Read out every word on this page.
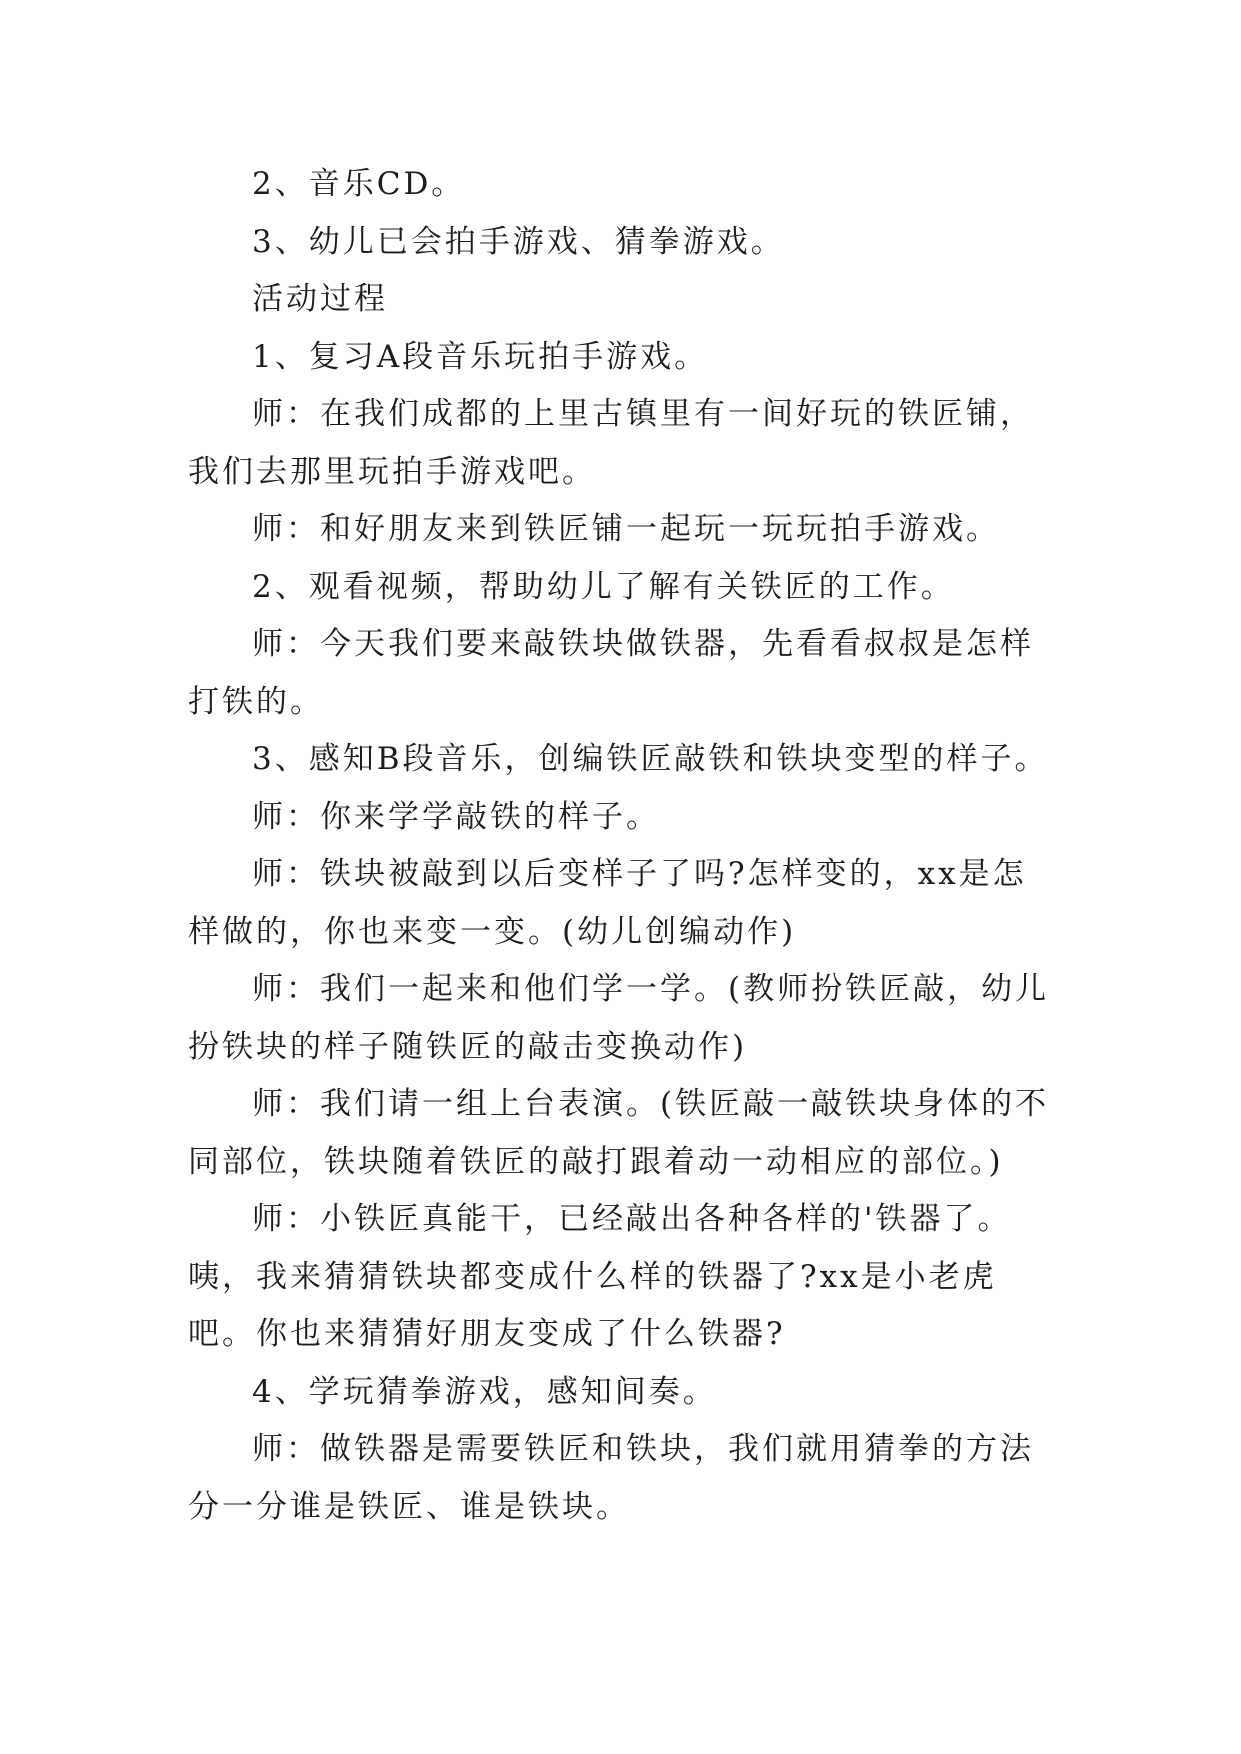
2、音乐CD。

3、幼儿已会拍手游戏、猜拳游戏。

活动过程

1、复习A段音乐玩拍手游戏。

师：在我们成都的上里古镇里有一间好玩的铁匠铺，我们去那里玩拍手游戏吧。

师：和好朋友来到铁匠铺一起玩一玩玩拍手游戏。

2、观看视频，帮助幼儿了解有关铁匠的工作。

师：今天我们要来敲铁块做铁器，先看看叔叔是怎样打铁的。

3、感知B段音乐，创编铁匠敲铁和铁块变型的样子。

师：你来学学敲铁的样子。

师：铁块被敲到以后变样子了吗?怎样变的，xx是怎样做的，你也来变一变。(幼儿创编动作)

师：我们一起来和他们学一学。(教师扮铁匠敲，幼儿扮铁块的样子随铁匠的敲击变换动作)

师：我们请一组上台表演。(铁匠敲一敲铁块身体的不同部位，铁块随着铁匠的敲打跟着动一动相应的部位。)

师：小铁匠真能干，已经敲出各种各样的'铁器了。咦，我来猜猜铁块都变成什么样的铁器了?xx是小老虎吧。你也来猜猜好朋友变成了什么铁器?

4、学玩猜拳游戏，感知间奏。

师：做铁器是需要铁匠和铁块，我们就用猜拳的方法分一分谁是铁匠、谁是铁块。
